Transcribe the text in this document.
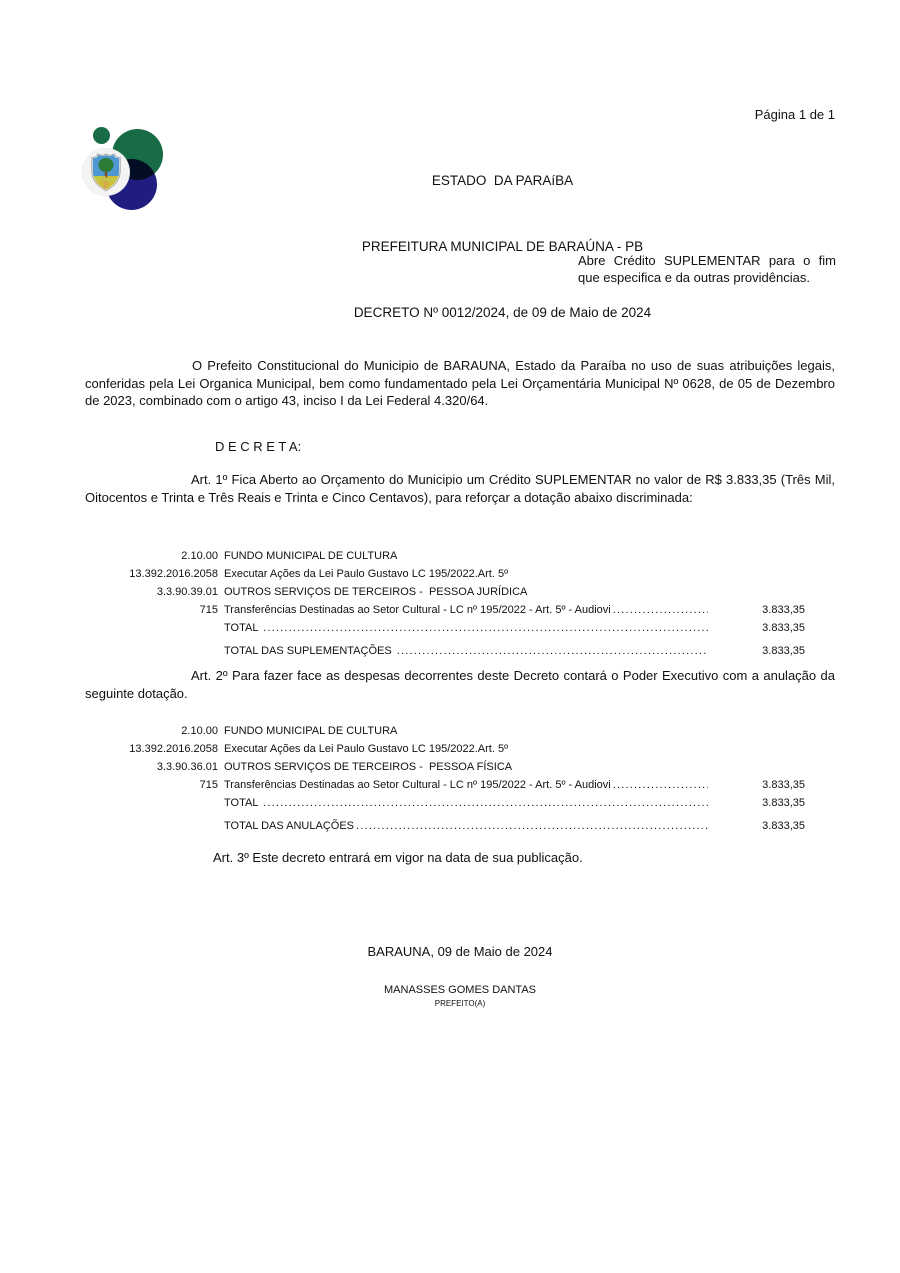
Página 1 de 1

ESTADO  DA PARAíBA

PREFEITURA MUNICIPAL DE BARAÚNA - PB

DECRETO Nº 0012/2024, de 09 de Maio de 2024

Abre Crédito SUPLEMENTAR para o fim que especifica e da outras providências.
O Prefeito Constitucional do Municipio de BARAUNA, Estado da Paraíba no uso de suas atribuições legais, conferidas pela Lei Organica Municipal, bem como fundamentado pela Lei Orçamentária Municipal Nº 0628, de 05 de Dezembro de 2023, combinado com o artigo 43, inciso I da Lei Federal 4.320/64.
D E C R E T A:
Art. 1º Fica Aberto ao Orçamento do Municipio um Crédito SUPLEMENTAR no valor de R$ 3.833,35 (Três Mil, Oitocentos e Trinta e Três Reais e Trinta e Cinco Centavos), para reforçar a dotação abaixo discriminada:
2.10.00 FUNDO MUNICIPAL DE CULTURA
13.392.2016.2058 Executar Ações da Lei Paulo Gustavo LC 195/2022.Art. 5º
3.3.90.39.01 OUTROS SERVIÇOS DE TERCEIROS -  PESSOA JURÍDICA
715 Transferências Destinadas ao Setor Cultural - LC nº 195/2022 - Art. 5º - Audiovi .....	3.833,35
TOTAL .....	3.833,35
TOTAL DAS SUPLEMENTAÇÕES .....	3.833,35
Art. 2º Para fazer face as despesas decorrentes deste Decreto contará o Poder Executivo com a anulação da seguinte dotação.
2.10.00 FUNDO MUNICIPAL DE CULTURA
13.392.2016.2058 Executar Ações da Lei Paulo Gustavo LC 195/2022.Art. 5º
3.3.90.36.01 OUTROS SERVIÇOS DE TERCEIROS -  PESSOA FÍSICA
715 Transferências Destinadas ao Setor Cultural - LC nº 195/2022 - Art. 5º - Audiovi .....	3.833,35
TOTAL .....	3.833,35
TOTAL DAS ANULAÇÕES .....	3.833,35
Art. 3º Este decreto entrará em vigor na data de sua publicação.
BARAUNA, 09 de Maio de 2024
MANASSES GOMES DANTAS
PREFEITO(A)
